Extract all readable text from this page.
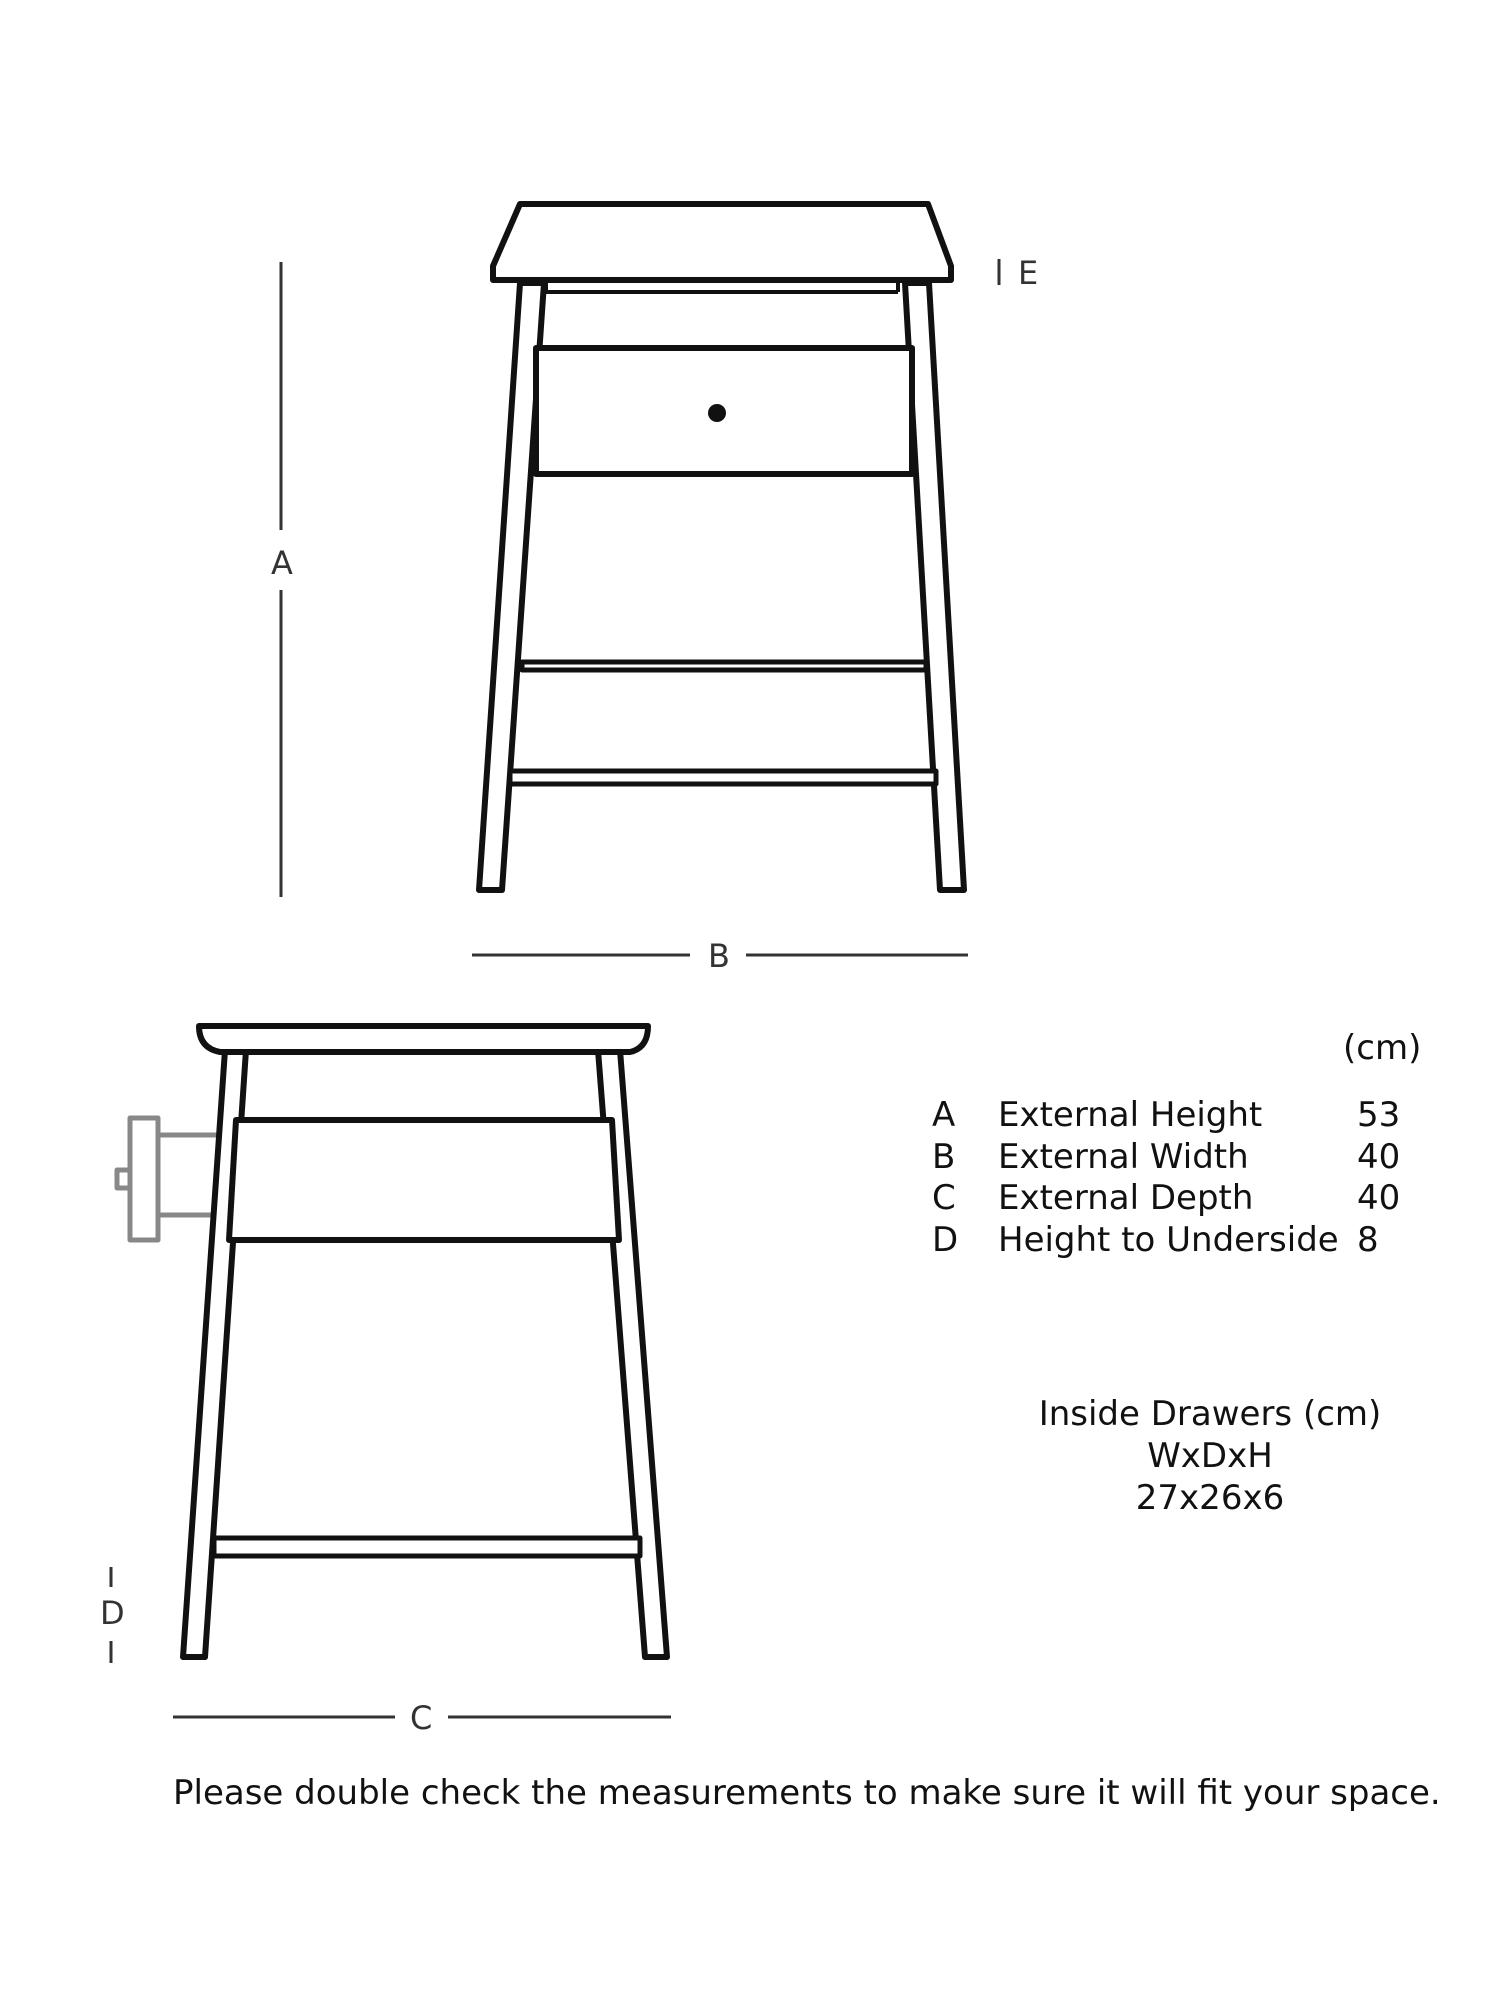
A
B
E
C
D
(cm)
A External Height	53
B External Width	40
C External Depth	40
D Height to Underside 8
Inside Drawers (cm)
WxDxH
27x26x6
Please double check the measurements to make sure it will fit your space.
